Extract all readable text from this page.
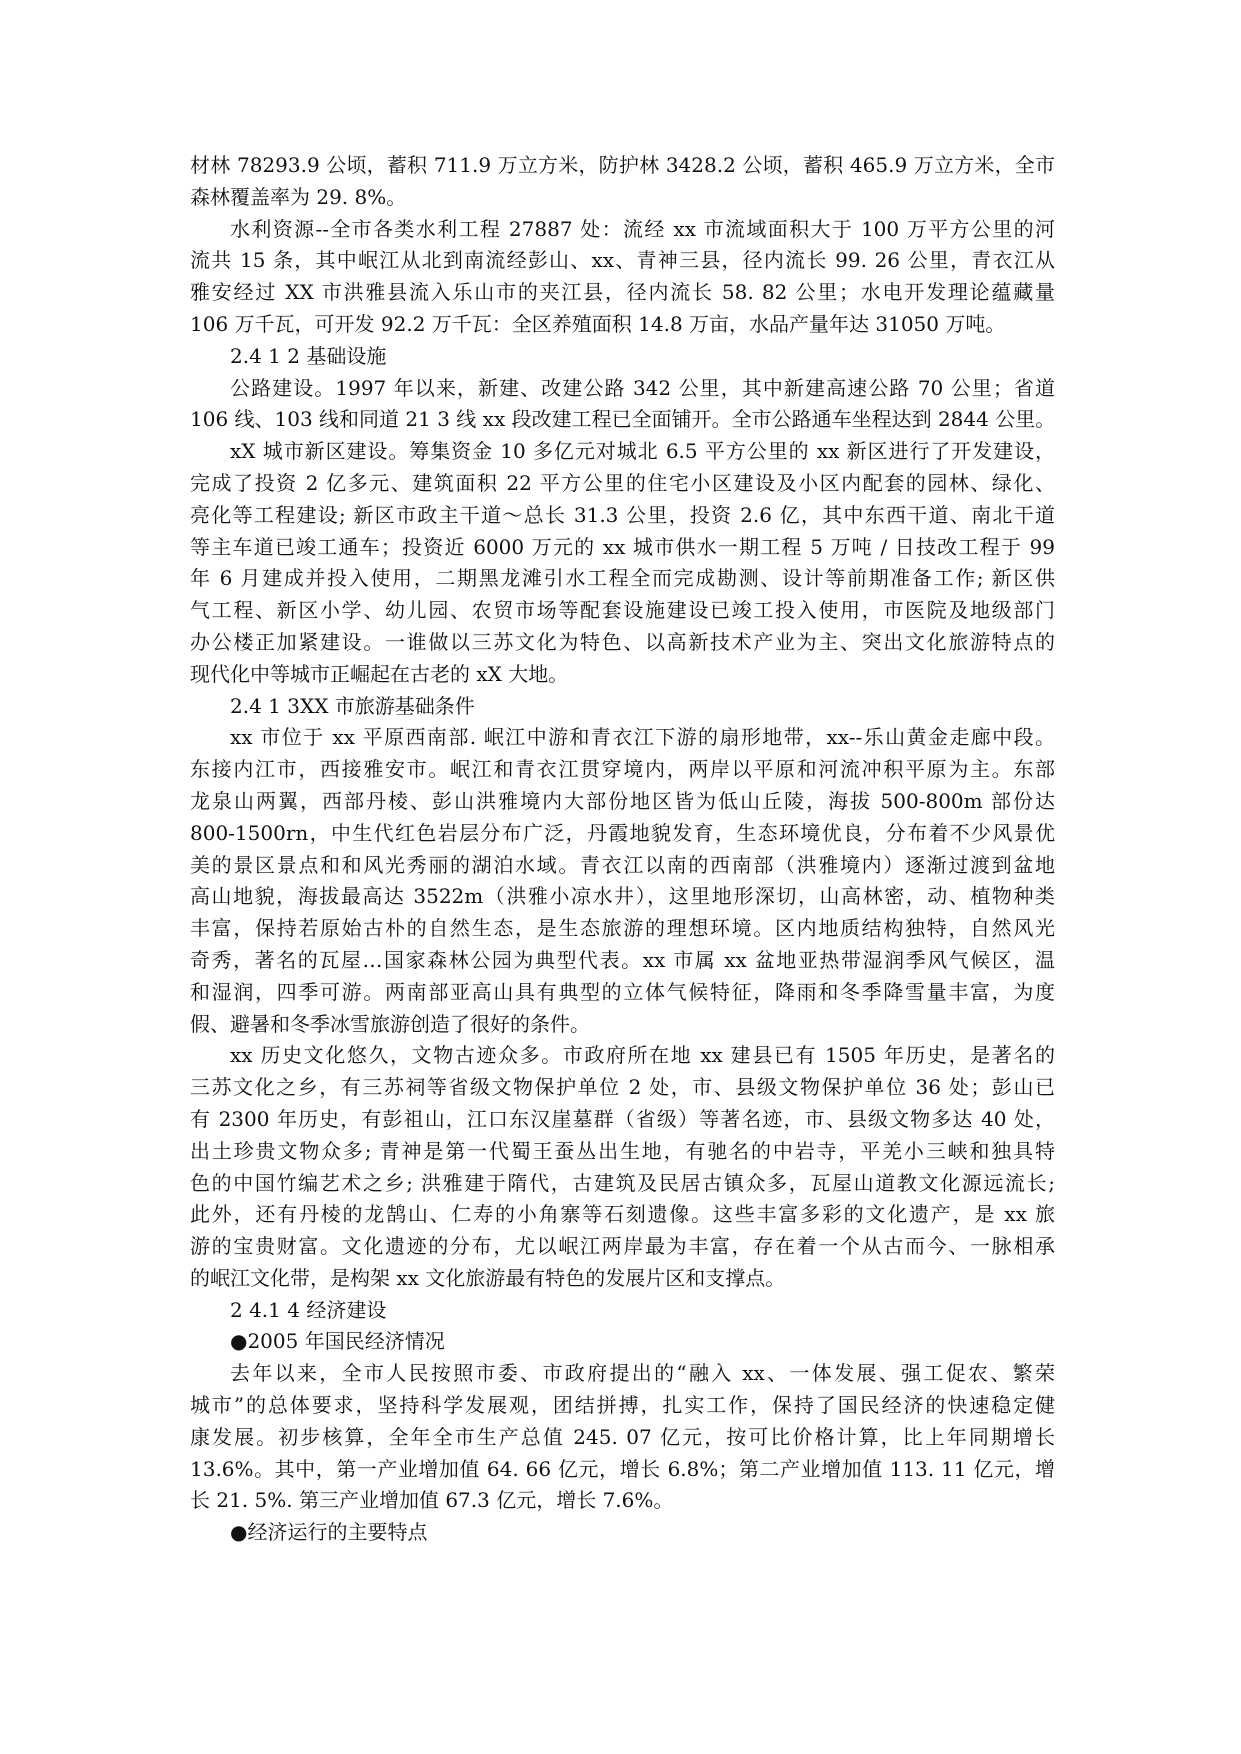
材林 78293.9 公顷，蓄积 711.9 万立方米，防护林 3428.2 公顷，蓄积 465.9 万立方米，全市
森林覆盖率为 29. 8%。
水利资源--全市各类水利工程 27887 处：流经 xx 市流域面积大于 100 万平方公里的河
流共 15 条，其中岷江从北到南流经彭山、xx、青神三县，径内流长 99. 26 公里，青衣江从
雅安经过 XX 市洪雅县流入乐山市的夹江县，径内流长 58. 82 公里；水电开发理论蕴藏量
106 万千瓦，可开发 92.2 万千瓦：全区养殖面积 14.8 万亩，水品产量年达 31050 万吨。
2.4 1 2 基础设施
公路建设。1997 年以来，新建、改建公路 342 公里，其中新建高速公路 70 公里；省道
106 线、103 线和同道 21 3 线 xx 段改建工程已全面铺开。全市公路通车坐程达到 2844 公里。
xX 城市新区建设。筹集资金 10 多亿元对城北 6.5 平方公里的 xx 新区进行了开发建设，
完成了投资 2 亿多元、建筑面积 22 平方公里的住宅小区建设及小区内配套的园林、绿化、
亮化等工程建设; 新区市政主干道～总长 31.3 公里，投资 2.6 亿，其中东西干道、南北干道
等主车道已竣工通车；投资近 6000 万元的 xx 城市供水一期工程 5 万吨 / 日技改工程于 99
年 6 月建成并投入使用，二期黑龙滩引水工程全而完成勘测、设计等前期准备工作; 新区供
气工程、新区小学、幼儿园、农贸市场等配套设施建设已竣工投入使用，市医院及地级部门
办公楼正加紧建设。一谁做以三苏文化为特色、以高新技术产业为主、突出文化旅游特点的
现代化中等城市正崛起在古老的 xX 大地。
2.4 1 3XX 市旅游基础条件
xx 市位于 xx 平原西南部. 岷江中游和青衣江下游的扇形地带，xx--乐山黄金走廊中段。
东接内江市，西接雅安市。岷江和青衣江贯穿境内，两岸以平原和河流冲积平原为主。东部
龙泉山两翼，西部丹棱、彭山洪雅境内大部份地区皆为低山丘陵，海拔 500-800m 部份达
800-1500rn，中生代红色岩层分布广泛，丹霞地貌发育，生态环境优良，分布着不少风景优
美的景区景点和和风光秀丽的湖泊水域。青衣江以南的西南部（洪雅境内）逐渐过渡到盆地
高山地貌，海拔最高达 3522m（洪雅小凉水井），这里地形深切，山高林密，动、植物种类
丰富，保持若原始古朴的自然生态，是生态旅游的理想环境。区内地质结构独特，自然风光
奇秀，著名的瓦屋…国家森林公园为典型代表。xx 市属 xx 盆地亚热带湿润季风气候区，温
和湿润，四季可游。两南部亚高山具有典型的立体气候特征，降雨和冬季降雪量丰富，为度
假、避暑和冬季冰雪旅游创造了很好的条件。
xx 历史文化悠久，文物古迹众多。市政府所在地 xx 建县已有 1505 年历史，是著名的
三苏文化之乡，有三苏祠等省级文物保护单位 2 处，市、县级文物保护单位 36 处；彭山已
有 2300 年历史，有彭祖山，江口东汉崖墓群（省级）等著名迹，市、县级文物多达 40 处，
出土珍贵文物众多; 青神是第一代蜀王蚕丛出生地，有驰名的中岩寺，平羌小三峡和独具特
色的中国竹编艺术之乡; 洪雅建于隋代，古建筑及民居古镇众多，瓦屋山道教文化源远流长;
此外，还有丹棱的龙鹄山、仁寿的小角寨等石刻遗像。这些丰富多彩的文化遗产，是 xx 旅
游的宝贵财富。文化遗迹的分布，尤以岷江两岸最为丰富，存在着一个从古而今、一脉相承
的岷江文化带，是构架 xx 文化旅游最有特色的发展片区和支撑点。
2 4.1 4 经济建设
●2005 年国民经济情况
去年以来，全市人民按照市委、市政府提出的“融入 xx、一体发展、强工促农、繁荣
城市”的总体要求，坚持科学发展观，团结拼搏，扎实工作，保持了国民经济的快速稳定健
康发展。初步核算，全年全市生产总值 245. 07 亿元，按可比价格计算，比上年同期增长
13.6%。其中，第一产业增加值 64. 66 亿元，增长 6.8%；第二产业增加值 113. 11 亿元，增
长 21. 5%. 第三产业增加值 67.3 亿元，增长 7.6%。
●经济运行的主要特点
